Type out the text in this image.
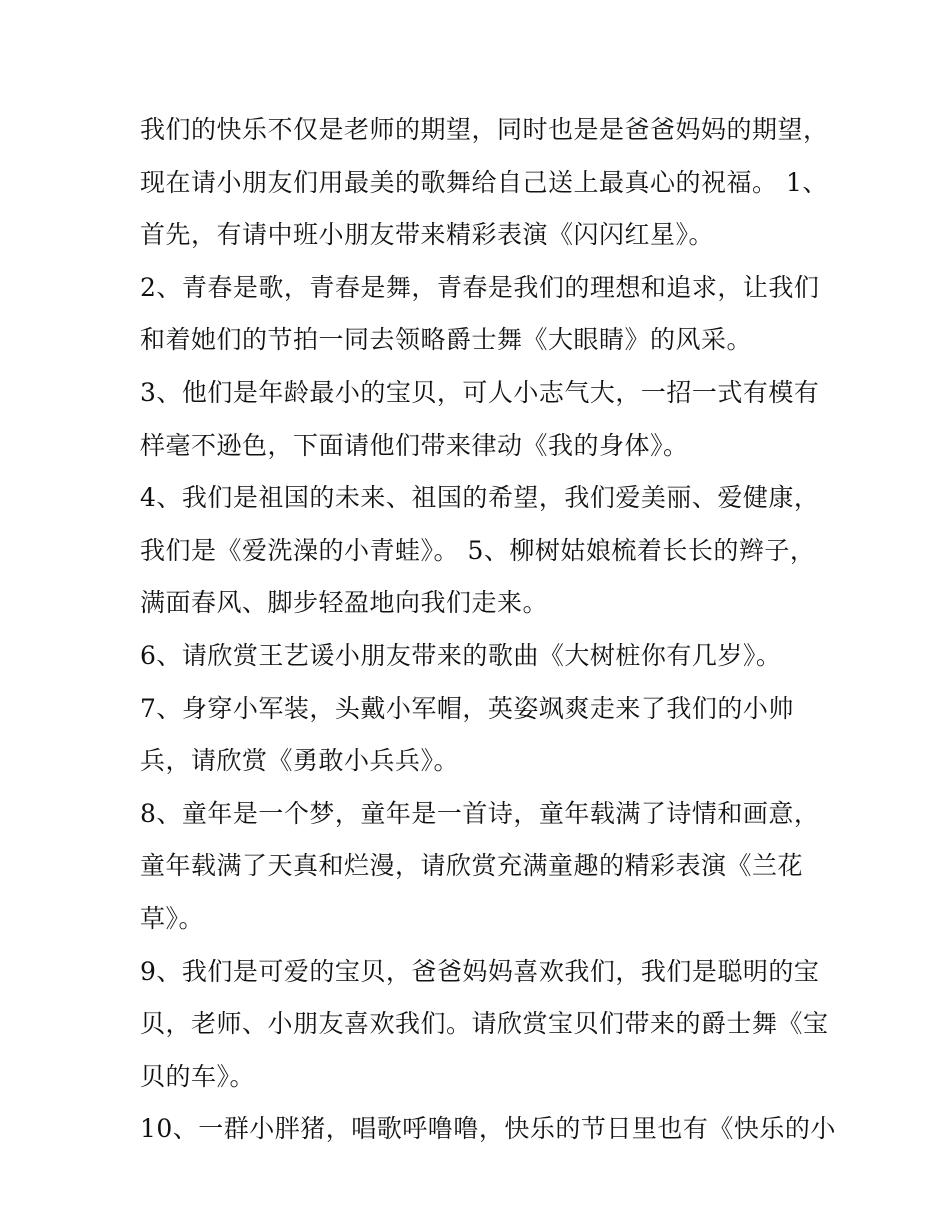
我们的快乐不仅是老师的期望，同时也是是爸爸妈妈的期望，
现在请小朋友们用最美的歌舞给自己送上最真心的祝福。 1、
首先，有请中班小朋友带来精彩表演《闪闪红星》。
2、青春是歌，青春是舞，青春是我们的理想和追求，让我们
和着她们的节拍一同去领略爵士舞《大眼睛》的风采。
3、他们是年龄最小的宝贝，可人小志气大，一招一式有模有
样毫不逊色，下面请他们带来律动《我的身体》。
4、我们是祖国的未来、祖国的希望，我们爱美丽、爱健康，
我们是《爱洗澡的小青蛙》。 5、柳树姑娘梳着长长的辫子，
满面春风、脚步轻盈地向我们走来。
6、请欣赏王艺谖小朋友带来的歌曲《大树桩你有几岁》。
7、身穿小军装，头戴小军帽，英姿飒爽走来了我们的小帅
兵，请欣赏《勇敢小兵兵》。
8、童年是一个梦，童年是一首诗，童年载满了诗情和画意，
童年载满了天真和烂漫，请欣赏充满童趣的精彩表演《兰花
草》。
9、我们是可爱的宝贝，爸爸妈妈喜欢我们，我们是聪明的宝
贝，老师、小朋友喜欢我们。请欣赏宝贝们带来的爵士舞《宝
贝的车》。
10、一群小胖猪，唱歌呼噜噜，快乐的节日里也有《快乐的小
